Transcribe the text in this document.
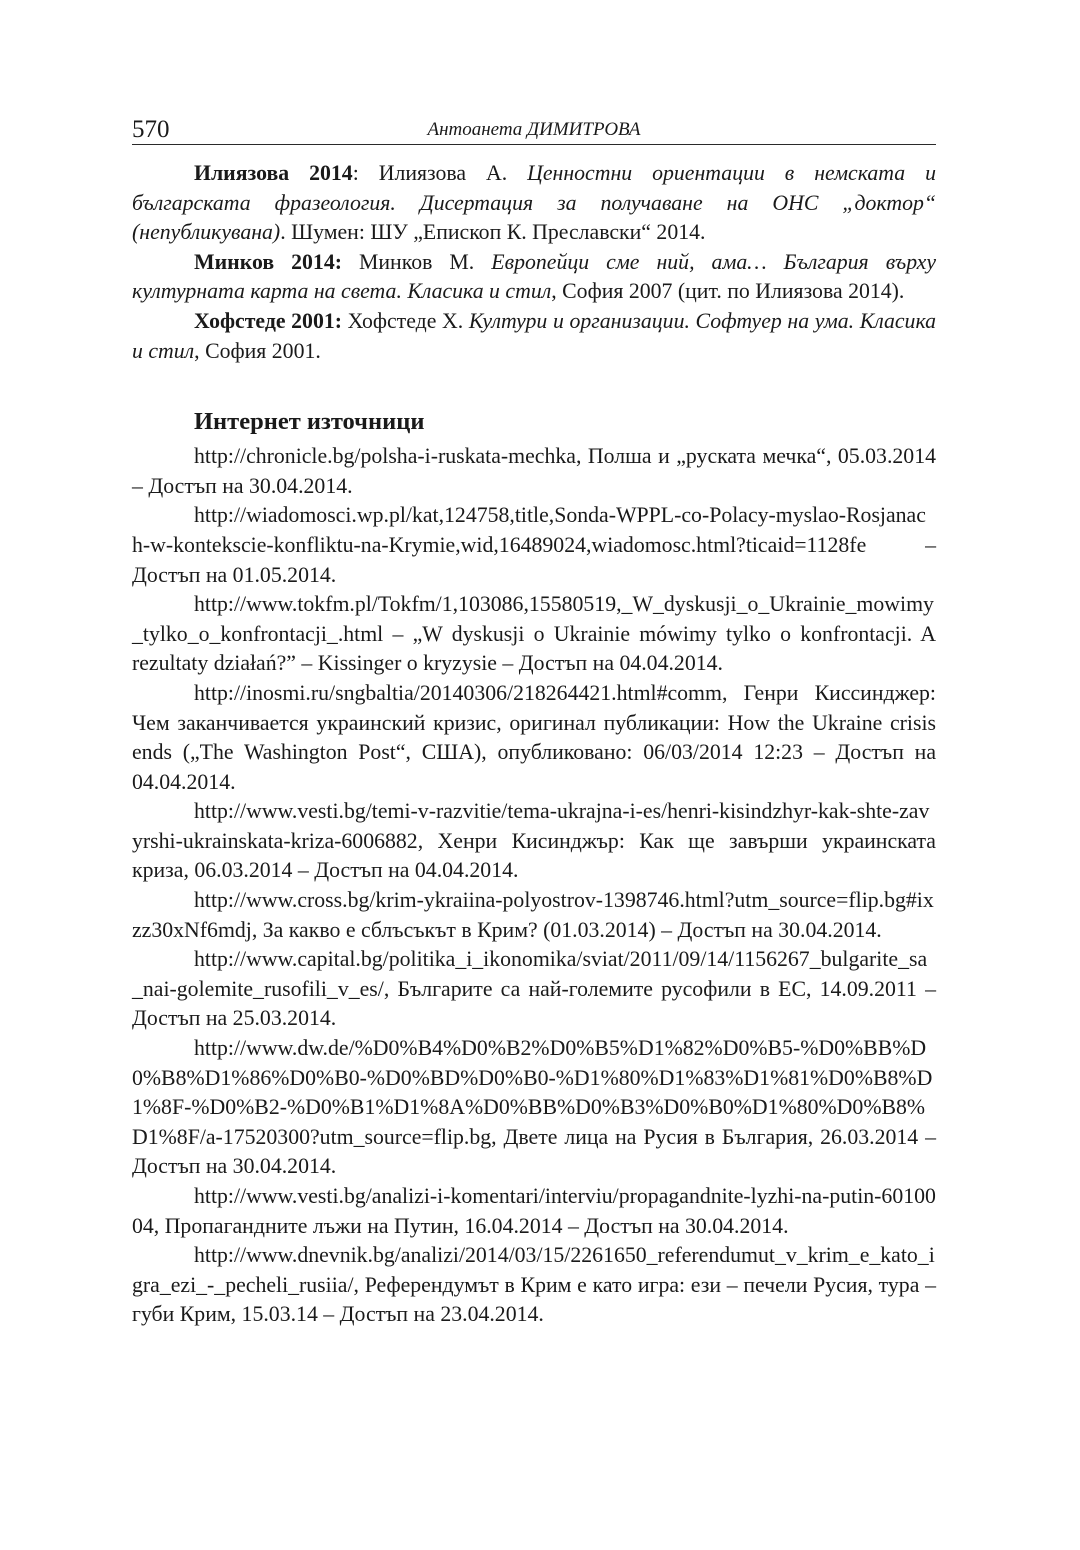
570	Антоанета ДИМИТРОВА

Илиязова 2014: Илиязова А. Ценностни ориентации в немската и българската фразеология. Дисертация за получаване на ОНС „доктор“ (непубликувана). Шумен: ШУ „Епископ К. Преславски“ 2014.

Минков 2014: Минков М. Европейци сме ний, ама… България върху културната карта на света. Класика и стил, София 2007 (цит. по Илиязова 2014).

Хофстеде 2001: Хофстеде Х. Култури и организации. Софтуер на ума. Класика и стил, София 2001.

Интернет източници

http://chronicle.bg/polsha-i-ruskata-mechka, Полша и „руската мечка“, 05.03.2014 – Достъп на 30.04.2014.

http://wiadomosci.wp.pl/kat,124758,title,Sonda-WPPL-co-Polacy-myslao-Rosjanach-w-kontekscie-konfliktu-na-Krymie,wid,16489024,wiadomosc.html?ticaid=1128fe – Достъп на 01.05.2014.

http://www.tokfm.pl/Tokfm/1,103086,15580519,_W_dyskusji_o_Ukrainie_mowimy_tylko_o_konfrontacji_.html – „W dyskusji o Ukrainie mówimy tylko o konfrontacji. A rezultaty działań?” – Kissinger o kryzysie – Достъп на 04.04.2014.

http://inosmi.ru/sngbaltia/20140306/218264421.html#comm, Генри Киссинджер: Чем заканчивается украинский кризис, оригинал публикации: How the Ukraine crisis ends („The Washington Post“, США), опубликовано: 06/03/2014 12:23 – Достъп на 04.04.2014.

http://www.vesti.bg/temi-v-razvitie/tema-ukrajna-i-es/henri-kisindzhyr-kak-shte-zavyrshi-ukrainskata-kriza-6006882, Хенри Кисинджър: Как ще завърши украинската криза, 06.03.2014 – Достъп на 04.04.2014.

http://www.cross.bg/krim-ykraiina-polyostrov-1398746.html?utm_source=flip.bg#ixzz30xNf6mdj, За какво е сблъсъкът в Крим? (01.03.2014) – Достъп на 30.04.2014.

http://www.capital.bg/politika_i_ikonomika/sviat/2011/09/14/1156267_bulgarite_sa_nai-golemite_rusofili_v_es/, Българите са най-големите русофили в ЕС, 14.09.2011 – Достъп на 25.03.2014.

http://www.dw.de/%D0%B4%D0%B2%D0%B5%D1%82%D0%B5-%D0%BB%D0%B8%D1%86%D0%B0-%D0%BD%D0%B0-%D1%80%D1%83%D1%81%D0%B8%D1%8F-%D0%B2-%D0%B1%D1%8A%D0%BB%D0%B3%D0%B0%D1%80%D0%B8%D1%8F/a-17520300?utm_source=flip.bg, Двете лица на Русия в България, 26.03.2014 – Достъп на 30.04.2014.

http://www.vesti.bg/analizi-i-komentari/interviu/propagandnite-lyzhi-na-putin-6010004, Пропагандните лъжи на Путин, 16.04.2014 – Достъп на 30.04.2014.

http://www.dnevnik.bg/analizi/2014/03/15/2261650_referendumut_v_krim_e_kato_igra_ezi_-_pecheli_rusiia/, Референдумът в Крим е като игра: ези – печели Русия, тура – губи Крим, 15.03.14 – Достъп на 23.04.2014.
